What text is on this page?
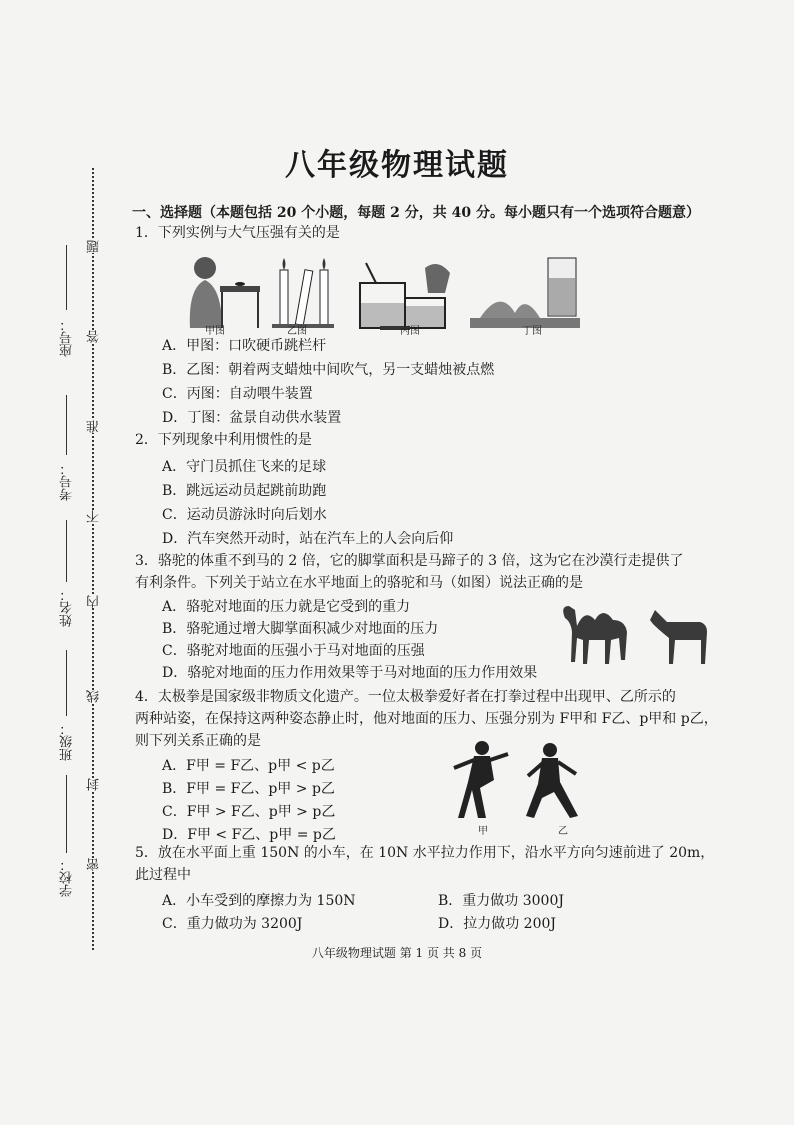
题
答
准
不
内
线
封
密
座号：
考号：
姓名：
班级：
学校：
八年级物理试题
一、选择题（本题包括 20 个小题，每题 2 分，共 40 分。每小题只有一个选项符合题意）
1．下列实例与大气压强有关的是
甲图	乙图	丙图	丁图
A．甲图：口吹硬币跳栏杆
B．乙图：朝着两支蜡烛中间吹气，另一支蜡烛被点燃
C．丙图：自动喂牛装置
D．丁图：盆景自动供水装置
2．下列现象中利用惯性的是
A．守门员抓住飞来的足球
B．跳远运动员起跳前助跑
C．运动员游泳时向后划水
D．汽车突然开动时，站在汽车上的人会向后仰
3．骆驼的体重不到马的 2 倍，它的脚掌面积是马蹄子的 3 倍，这为它在沙漠行走提供了
有利条件。下列关于站立在水平地面上的骆驼和马（如图）说法正确的是
A．骆驼对地面的压力就是它受到的重力
B．骆驼通过增大脚掌面积减少对地面的压力
C．骆驼对地面的压强小于马对地面的压强
D．骆驼对地面的压力作用效果等于马对地面的压力作用效果
4．太极拳是国家级非物质文化遗产。一位太极拳爱好者在打拳过程中出现甲、乙所示的
两种站姿，在保持这两种姿态静止时，他对地面的压力、压强分别为 F甲和 F乙、p甲和 p乙，
则下列关系正确的是
A．F甲 = F乙、p甲 < p乙
B．F甲 = F乙、p甲 > p乙
C．F甲 > F乙、p甲 > p乙
D．F甲 < F乙、p甲 = p乙	甲	乙
5．放在水平面上重 150N 的小车，在 10N 水平拉力作用下，沿水平方向匀速前进了 20m，
此过程中
A．小车受到的摩擦力为 150N	B．重力做功 3000J
C．重力做功为 3200J	D．拉力做功 200J
八年级物理试题 第 1 页 共 8 页
